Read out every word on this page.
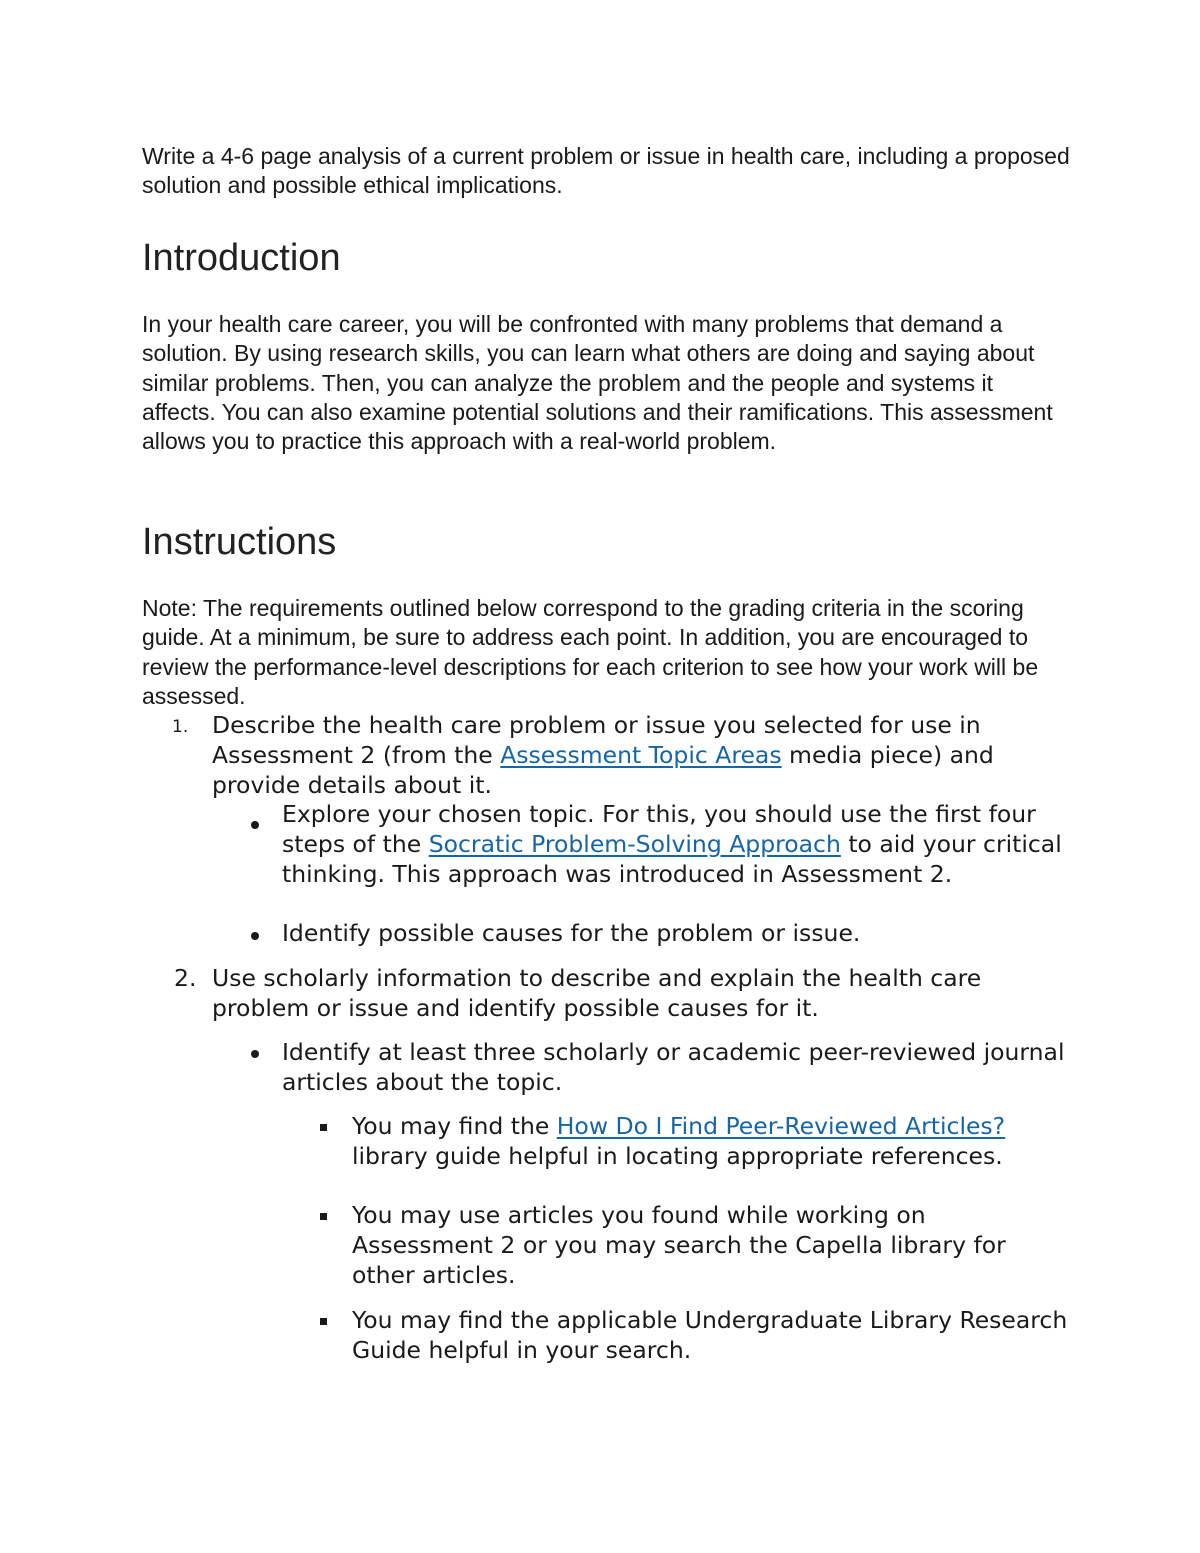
Write a 4-6 page analysis of a current problem or issue in health care, including a proposed solution and possible ethical implications.

Introduction

In your health care career, you will be confronted with many problems that demand a solution. By using research skills, you can learn what others are doing and saying about similar problems. Then, you can analyze the problem and the people and systems it affects. You can also examine potential solutions and their ramifications. This assessment allows you to practice this approach with a real-world problem.

Instructions

Note: The requirements outlined below correspond to the grading criteria in the scoring guide. At a minimum, be sure to address each point. In addition, you are encouraged to review the performance-level descriptions for each criterion to see how your work will be assessed.

1. Describe the health care problem or issue you selected for use in Assessment 2 (from the Assessment Topic Areas media piece) and provide details about it.

Explore your chosen topic. For this, you should use the first four steps of the Socratic Problem-Solving Approach to aid your critical thinking. This approach was introduced in Assessment 2.

Identify possible causes for the problem or issue.

2. Use scholarly information to describe and explain the health care problem or issue and identify possible causes for it.

Identify at least three scholarly or academic peer-reviewed journal articles about the topic.

You may find the How Do I Find Peer-Reviewed Articles? library guide helpful in locating appropriate references.

You may use articles you found while working on Assessment 2 or you may search the Capella library for other articles.

You may find the applicable Undergraduate Library Research Guide helpful in your search.
